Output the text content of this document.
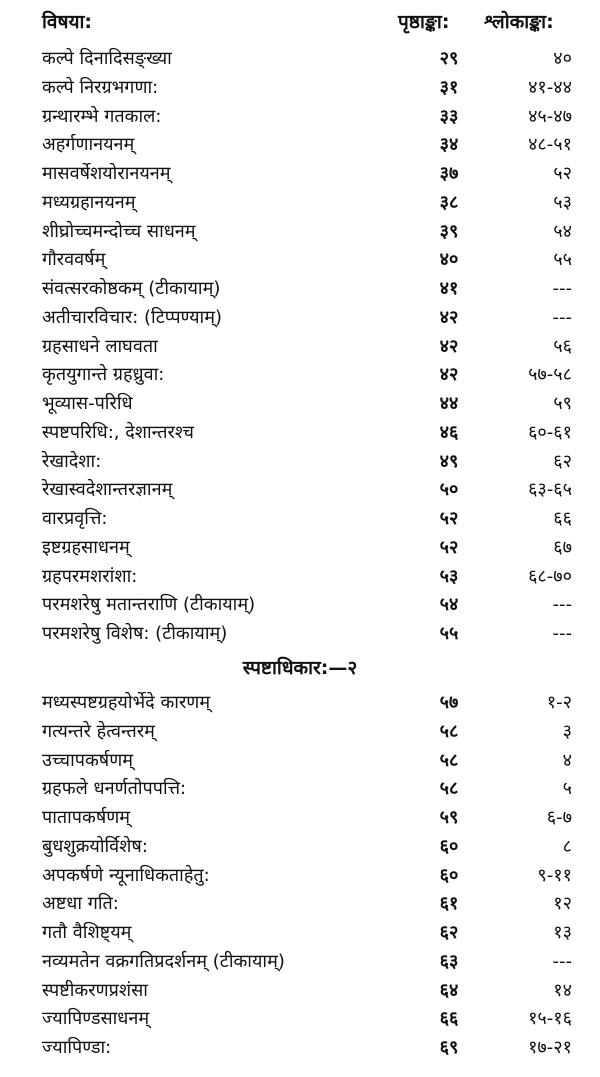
विषया:	पृष्ठाङ्का: श्लोकाङ्का:
कल्पे दिनादिसङ्ख्या	२९	४०
कल्पे निरग्रभगणा:	३१	४१-४४
ग्रन्थारम्भे गतकाल:	३३	४५-४७
अहर्गणानयनम्	३४	४८-५१
मासवर्षेशयोरानयनम्	३७	५२
मध्यग्रहानयनम्	३८	५३
शीघ्रोच्चमन्दोच्च साधनम्	३९	५४
गौरववर्षम्	४०	५५
संवत्सरकोष्ठकम् (टीकायाम्)	४१	---
अतीचारविचार: (टिप्पण्याम्)	४२	---
ग्रहसाधने लाघवता	४२	५६
कृतयुगान्ते ग्रहध्रुवा:	४२	५७-५८
भूव्यास-परिधि	४४	५९
स्पष्टपरिधि:, देशान्तरश्च	४६	६०-६१
रेखादेशा:	४९	६२
रेखास्वदेशान्तरज्ञानम्	५०	६३-६५
वारप्रवृत्ति:	५२	६६
इष्टग्रहसाधनम्	५२	६७
ग्रहपरमशरांशा:	५३	६८-७०
परमशरेषु मतान्तराणि (टीकायाम्)	५४	---
परमशरेषु विशेष: (टीकायाम्)	५५	---
स्पष्टाधिकार:—२
मध्यस्पष्टग्रहयोर्भेदे कारणम्	५७	१-२
गत्यन्तरे हेत्वन्तरम्	५८	३
उच्चापकर्षणम्	५८	४
ग्रहफले धनर्णतोपपत्ति:	५८	५
पातापकर्षणम्	५९	६-७
बुधशुक्रयोर्विशेष:	६०	८
अपकर्षणे न्यूनाधिकताहेतु:	६०	९-११
अष्टधा गति:	६१	१२
गतौ वैशिष्ट्यम्	६२	१३
नव्यमतेन वक्रगतिप्रदर्शनम् (टीकायाम्)	६३	---
स्पष्टीकरणप्रशंसा	६४	१४
ज्यापिण्डसाधनम्	६६	१५-१६
ज्यापिण्डा:	६९	१७-२१
